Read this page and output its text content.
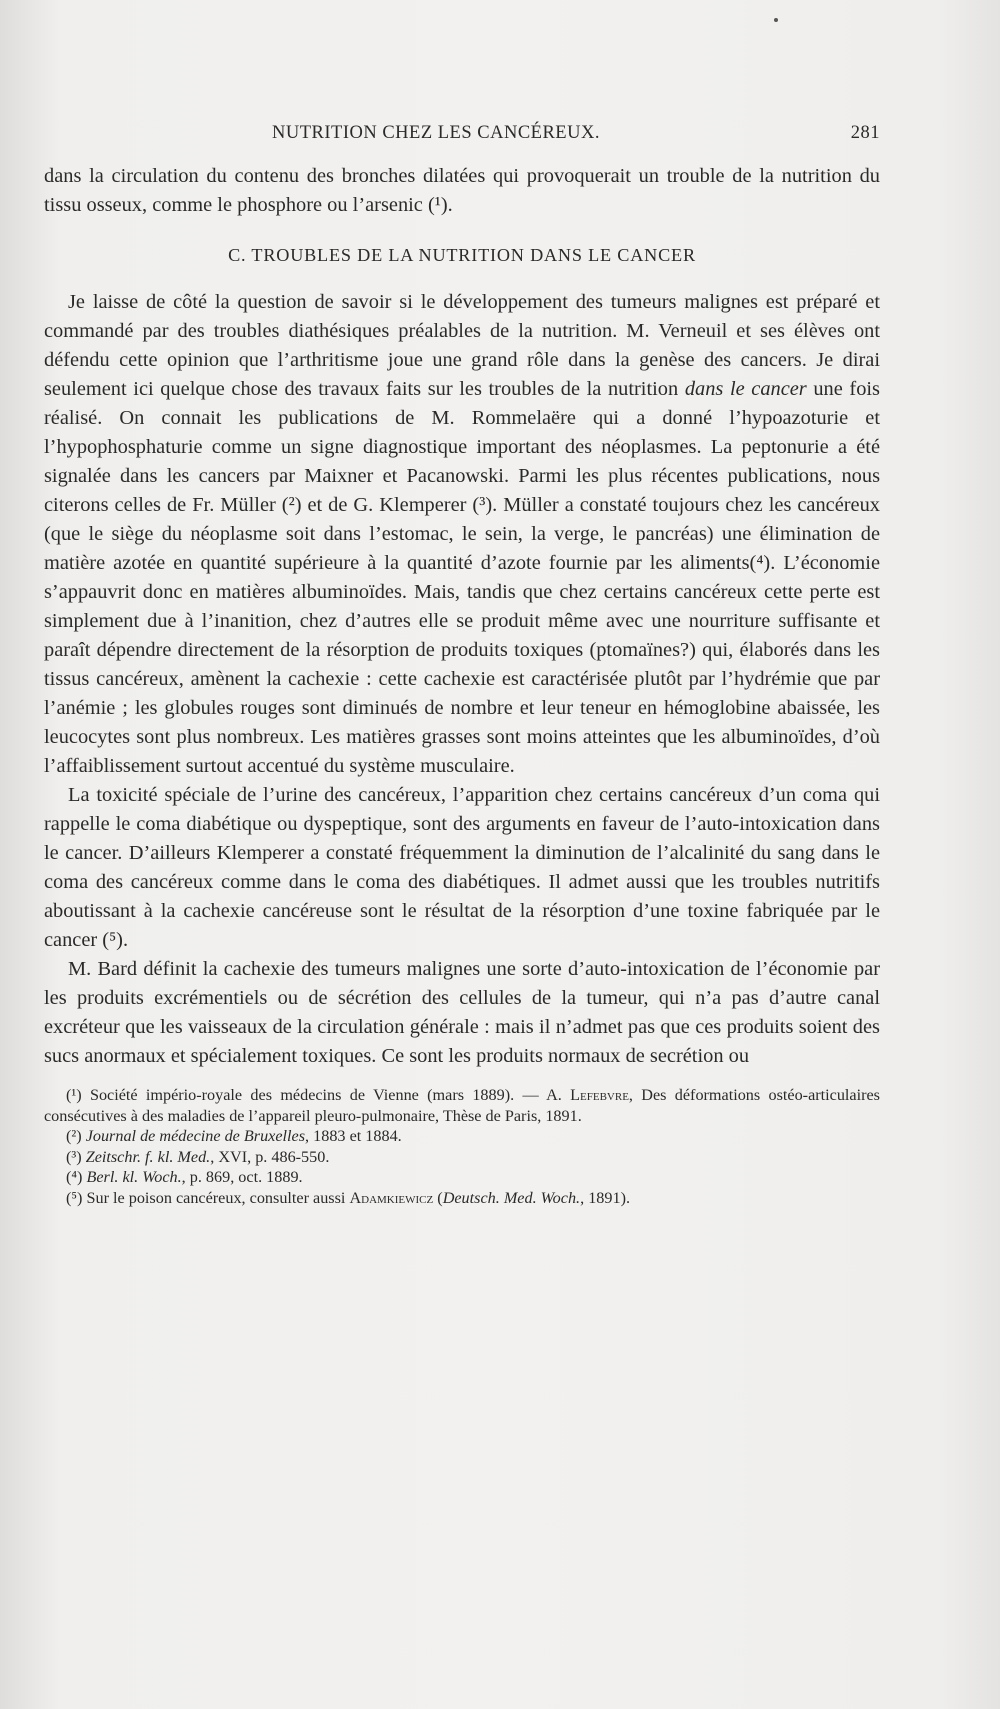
NUTRITION CHEZ LES CANCÉREUX.	281

dans la circulation du contenu des bronches dilatées qui provoquerait un trouble de la nutrition du tissu osseux, comme le phosphore ou l’arsenic (¹).

C. TROUBLES DE LA NUTRITION DANS LE CANCER

Je laisse de côté la question de savoir si le développement des tumeurs malignes est préparé et commandé par des troubles diathésiques préalables de la nutrition. M. Verneuil et ses élèves ont défendu cette opinion que l’arthritisme joue une grand rôle dans la genèse des cancers. Je dirai seulement ici quelque chose des travaux faits sur les troubles de la nutrition dans le cancer une fois réalisé. On connait les publications de M. Rommelaëre qui a donné l’hypoazoturie et l’hypophosphaturie comme un signe diagnostique important des néoplasmes. La peptonurie a été signalée dans les cancers par Maixner et Pacanowski. Parmi les plus récentes publications, nous citerons celles de Fr. Müller (²) et de G. Klemperer (³). Müller a constaté toujours chez les cancéreux (que le siège du néoplasme soit dans l’estomac, le sein, la verge, le pancréas) une élimination de matière azotée en quantité supérieure à la quantité d’azote fournie par les aliments(⁴). L’économie s’appauvrit donc en matières albuminoïdes. Mais, tandis que chez certains cancéreux cette perte est simplement due à l’inanition, chez d’autres elle se produit même avec une nourriture suffisante et paraît dépendre directement de la résorption de produits toxiques (ptomaïnes?) qui, élaborés dans les tissus cancéreux, amènent la cachexie : cette cachexie est caractérisée plutôt par l’hydrémie que par l’anémie ; les globules rouges sont diminués de nombre et leur teneur en hémoglobine abaissée, les leucocytes sont plus nombreux. Les matières grasses sont moins atteintes que les albuminoïdes, d’où l’affaiblissement surtout accentué du système musculaire.

La toxicité spéciale de l’urine des cancéreux, l’apparition chez certains cancéreux d’un coma qui rappelle le coma diabétique ou dyspeptique, sont des arguments en faveur de l’auto-intoxication dans le cancer. D’ailleurs Klemperer a constaté fréquemment la diminution de l’alcalinité du sang dans le coma des cancéreux comme dans le coma des diabétiques. Il admet aussi que les troubles nutritifs aboutissant à la cachexie cancéreuse sont le résultat de la résorption d’une toxine fabriquée par le cancer (⁵).

M. Bard définit la cachexie des tumeurs malignes une sorte d’auto-intoxication de l’économie par les produits excrémentiels ou de sécrétion des cellules de la tumeur, qui n’a pas d’autre canal excréteur que les vaisseaux de la circulation générale : mais il n’admet pas que ces produits soient des sucs anormaux et spécialement toxiques. Ce sont les produits normaux de secrétion ou

(¹) Société império-royale des médecins de Vienne (mars 1889). — A. Lefebvre, Des déformations ostéo-articulaires consécutives à des maladies de l’appareil pleuro-pulmonaire, Thèse de Paris, 1891.

(²) Journal de médecine de Bruxelles, 1883 et 1884.

(³) Zeitschr. f. kl. Med., XVI, p. 486-550.

(⁴) Berl. kl. Woch., p. 869, oct. 1889.

(⁵) Sur le poison cancéreux, consulter aussi Adamkiewicz (Deutsch. Med. Woch., 1891).
